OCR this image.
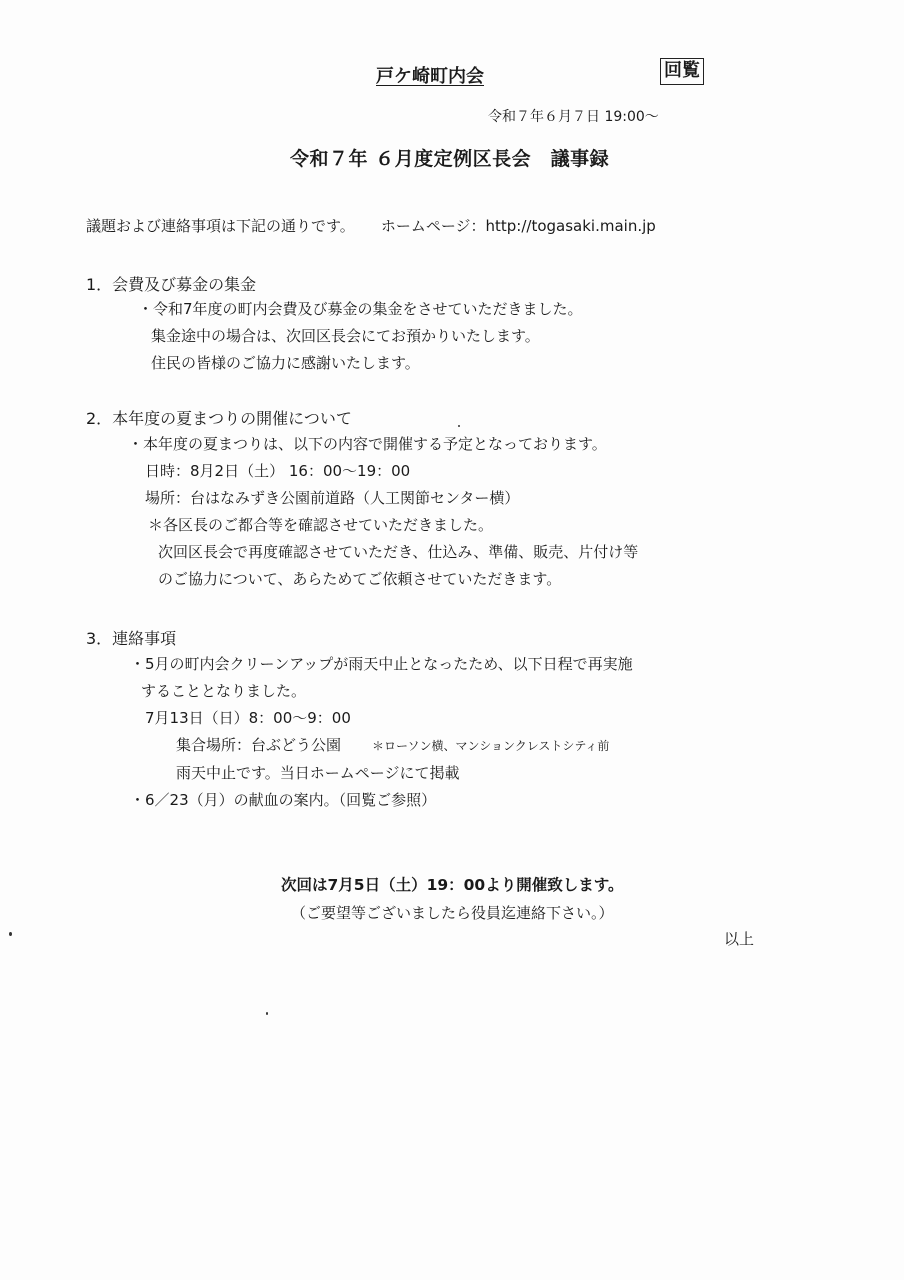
戸ケ崎町内会	回覧
令和７年６月７日 19:00～
令和７年 ６月度定例区長会　議事録
議題および連絡事項は下記の通りです。 ホームページ：http://togasaki.main.jp
1．会費及び募金の集金
・令和7年度の町内会費及び募金の集金をさせていただきました。
集金途中の場合は、次回区長会にてお預かりいたします。
住民の皆様のご協力に感謝いたします。
2．本年度の夏まつりの開催について
・本年度の夏まつりは、以下の内容で開催する予定となっております。
日時：8月2日（土） 16：00～19：00
場所：台はなみずき公園前道路（人工関節センター横）
＊各区長のご都合等を確認させていただきました。
次回区長会で再度確認させていただき、仕込み、準備、販売、片付け等
のご協力について、あらためてご依頼させていただきます。
3．連絡事項
・5月の町内会クリーンアップが雨天中止となったため、以下日程で再実施
することとなりました。
7月13日（日）8：00～9：00
集合場所：台ぶどう公園	＊ローソン横、マンションクレストシティ前
雨天中止です。当日ホームページにて掲載
・6／23（月）の献血の案内。（回覧ご参照）
次回は7月5日（土）19：00より開催致します。
（ご要望等ございましたら役員迄連絡下さい。）
以上
